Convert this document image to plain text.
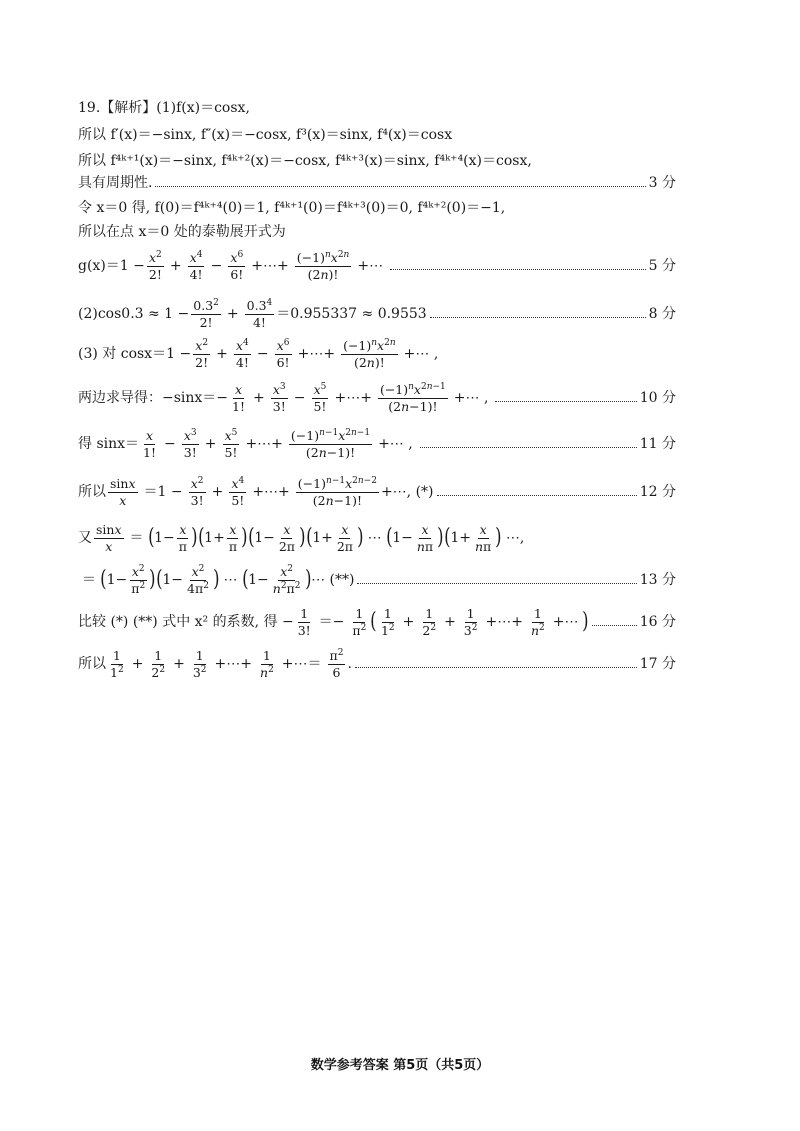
19.【解析】(1)f(x)＝cosx,
所以 f′(x)＝−sinx, f″(x)＝−cosx, f³(x)＝sinx, f⁴(x)＝cosx
所以 f⁴ᵏ⁺¹(x)＝−sinx, f⁴ᵏ⁺²(x)＝−cosx, f⁴ᵏ⁺³(x)＝sinx, f⁴ᵏ⁺⁴(x)＝cosx,
具有周期性.	3 分
令 x＝0 得, f(0)＝f⁴ᵏ⁺⁴(0)＝1, f⁴ᵏ⁺¹(0)＝f⁴ᵏ⁺³(0)＝0, f⁴ᵏ⁺²(0)＝−1,
所以在点 x＝0 处的泰勒展开式为
$g(x)=1 - \frac{x^2}{2!} + \frac{x^4}{4!} - \frac{x^6}{6!}$ +⋯+ $\frac{(-1)^nx^{2n}}{(2n)!}$ +⋯	5 分
$(2)\cos 0.3 \approx 1 - \frac{0.3^2}{2!} + \frac{0.3^4}{4!} =0.955337 \approx 0.9553$	8 分
(3) 对 $\cos x=1 - \frac{x^2}{2!} + \frac{x^4}{4!} - \frac{x^6}{6!}$ +⋯+ $\frac{(-1)^nx^{2n}}{(2n)!}$ +⋯ ,
两边求导得：$-\sin x=- \frac{x}{1!} + \frac{x^3}{3!} - \frac{x^5}{5!}$ +⋯+ $\frac{(-1)^nx^{2n-1}}{(2n-1)!}$ +⋯ ,	10 分
得 $\sin x= \frac{x}{1!} - \frac{x^3}{3!} + \frac{x^5}{5!}$ +⋯+ $\frac{(-1)^{n-1}x^{2n-1}}{(2n-1)!}$ +⋯ ,	11 分
所以 $\frac{\sin x}{x} =1 - \frac{x^2}{3!} + \frac{x^4}{5!}$ +⋯+ $\frac{(-1)^{n-1}x^{2n-2}}{(2n-1)!}$ +⋯, (*)	12 分
又 $\frac{\sin x}{x}$ ＝ ( $1- \frac{x}{\pi}$ ) ( $1+ \frac{x}{\pi}$ ) ( $1- \frac{x}{2\pi}$ ) ( $1+ \frac{x}{2\pi}$ ) ⋯ ( $1- \frac{x}{n\pi}$ ) ( $1+ \frac{x}{n\pi}$ ) ⋯,
＝ ( $1- \frac{x^2}{\pi^2}$ ) ( $1- \frac{x^2}{4\pi^2}$ ) ⋯ ( $1- \frac{x^2}{n^2\pi^2}$ ) ⋯ (**)	13 分
比较 (*) (**) 式中 x² 的系数, 得 − $\frac{1}{3!} =- \frac{1}{\pi^2}$ ( $\frac{1}{1^2} + \frac{1}{2^2} + \frac{1}{3^2}$ +⋯+ $\frac{1}{n^2}$ +⋯ )	16 分
所以 $\frac{1}{1^2} + \frac{1}{2^2} + \frac{1}{3^2}$ +⋯+ $\frac{1}{n^2}$ +⋯＝ $\frac{\pi^2}{6}$ .	17 分
数学参考答案 第5页（共5页）
